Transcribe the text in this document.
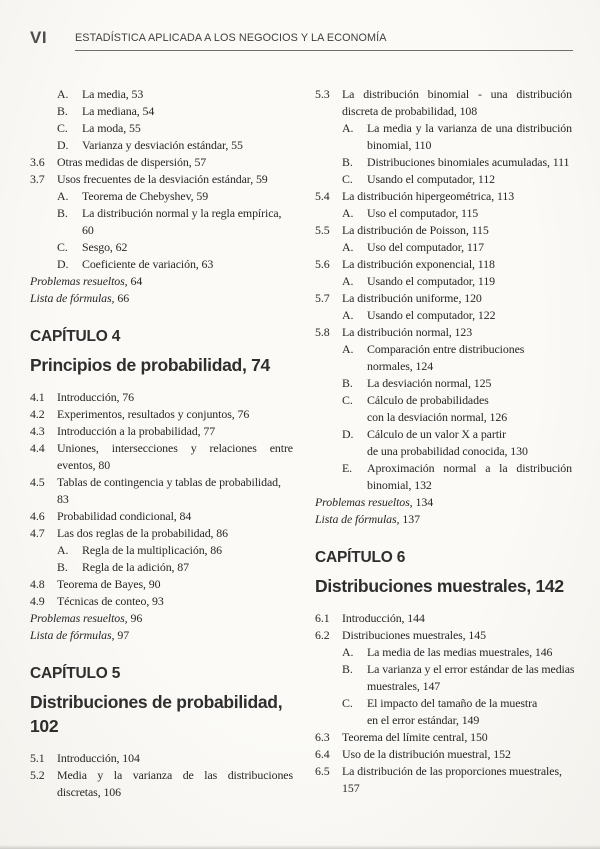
VI	ESTADÍSTICA APLICADA A LOS NEGOCIOS Y LA ECONOMÍA
A.	La media, 53
B.	La mediana, 54
C.	La moda, 55
D.	Varianza y desviación estándar, 55
3.6	Otras medidas de dispersión, 57
3.7	Usos frecuentes de la desviación estándar, 59
A.	Teorema de Chebyshev, 59
B.	La distribución normal y la regla empírica,
60
C.	Sesgo, 62
D.	Coeficiente de variación, 63
Problemas resueltos, 64
Lista de fórmulas, 66
CAPÍTULO 4
Principios de probabilidad, 74
4.1	Introducción, 76
4.2	Experimentos, resultados y conjuntos, 76
4.3	Introducción a la probabilidad, 77
4.4	Uniones, intersecciones y relaciones entre
eventos, 80
4.5	Tablas de contingencia y tablas de probabilidad,
83
4.6	Probabilidad condicional, 84
4.7	Las dos reglas de la probabilidad, 86
A.	Regla de la multiplicación, 86
B.	Regla de la adición, 87
4.8	Teorema de Bayes, 90
4.9	Técnicas de conteo, 93
Problemas resueltos, 96
Lista de fórmulas, 97
CAPÍTULO 5
Distribuciones de probabilidad,
102
5.1	Introducción, 104
5.2	Media y la varianza de las distribuciones
discretas, 106
5.3	La distribución binomial - una distribución
discreta de probabilidad, 108
A.	La media y la varianza de una distribución
binomial, 110
B.	Distribuciones binomiales acumuladas, 111
C.	Usando el computador, 112
5.4	La distribución hipergeométrica, 113
A.	Uso el computador, 115
5.5	La distribución de Poisson, 115
A.	Uso del computador, 117
5.6	La distribución exponencial, 118
A.	Usando el computador, 119
5.7	La distribución uniforme, 120
A.	Usando el computador, 122
5.8	La distribución normal, 123
A.	Comparación entre distribuciones
normales, 124
B.	La desviación normal, 125
C.	Cálculo de probabilidades
con la desviación normal, 126
D.	Cálculo de un valor X a partir
de una probabilidad conocida, 130
E.	Aproximación normal a la distribución
binomial, 132
Problemas resueltos, 134
Lista de fórmulas, 137
CAPÍTULO 6
Distribuciones muestrales, 142
6.1	Introducción, 144
6.2	Distribuciones muestrales, 145
A.	La media de las medias muestrales, 146
B.	La varianza y el error estándar de las medias
muestrales, 147
C.	El impacto del tamaño de la muestra
en el error estándar, 149
6.3	Teorema del límite central, 150
6.4	Uso de la distribución muestral, 152
6.5	La distribución de las proporciones muestrales,
157
